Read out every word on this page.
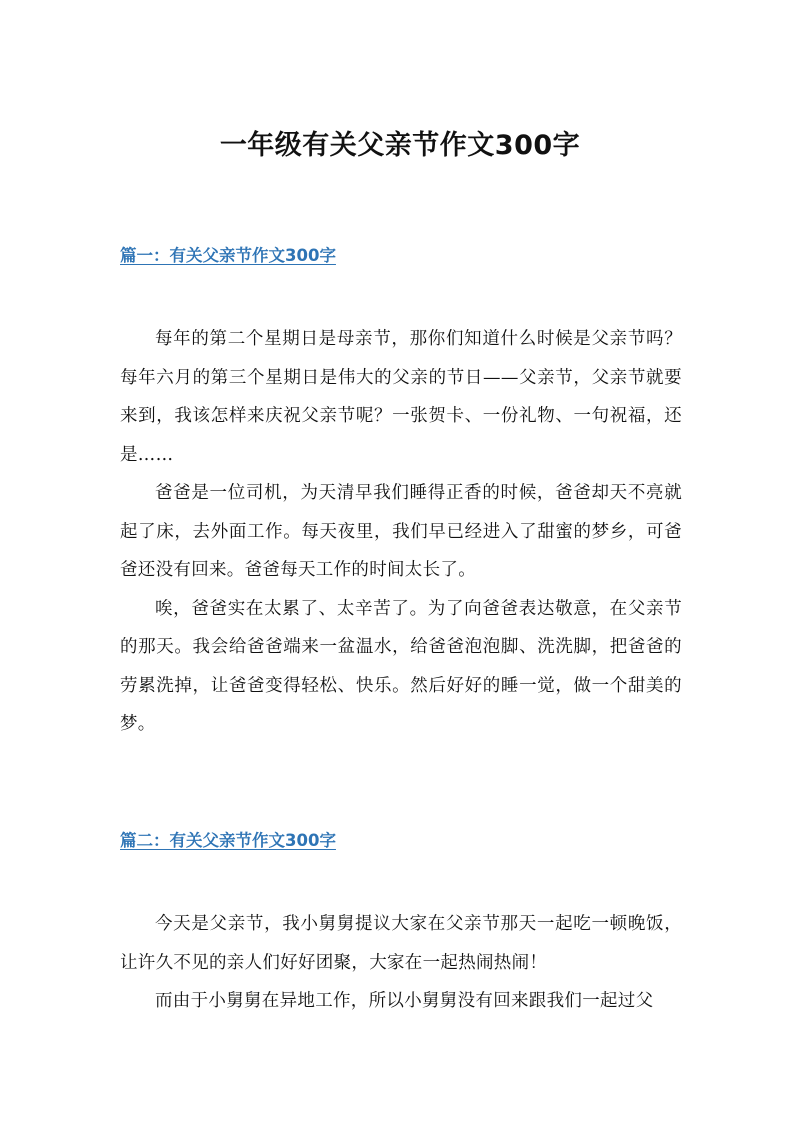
一年级有关父亲节作文300字
篇一：有关父亲节作文300字

每年的第二个星期日是母亲节，那你们知道什么时候是父亲节吗？每年六月的第三个星期日是伟大的父亲的节日——父亲节，父亲节就要来到，我该怎样来庆祝父亲节呢？一张贺卡、一份礼物、一句祝福，还是……

爸爸是一位司机，为天清早我们睡得正香的时候，爸爸却天不亮就起了床，去外面工作。每天夜里，我们早已经进入了甜蜜的梦乡，可爸爸还没有回来。爸爸每天工作的时间太长了。

唉，爸爸实在太累了、太辛苦了。为了向爸爸表达敬意，在父亲节的那天。我会给爸爸端来一盆温水，给爸爸泡泡脚、洗洗脚，把爸爸的劳累洗掉，让爸爸变得轻松、快乐。然后好好的睡一觉，做一个甜美的梦。

篇二：有关父亲节作文300字

今天是父亲节，我小舅舅提议大家在父亲节那天一起吃一顿晚饭，让许久不见的亲人们好好团聚，大家在一起热闹热闹！

而由于小舅舅在异地工作，所以小舅舅没有回来跟我们一起过父
